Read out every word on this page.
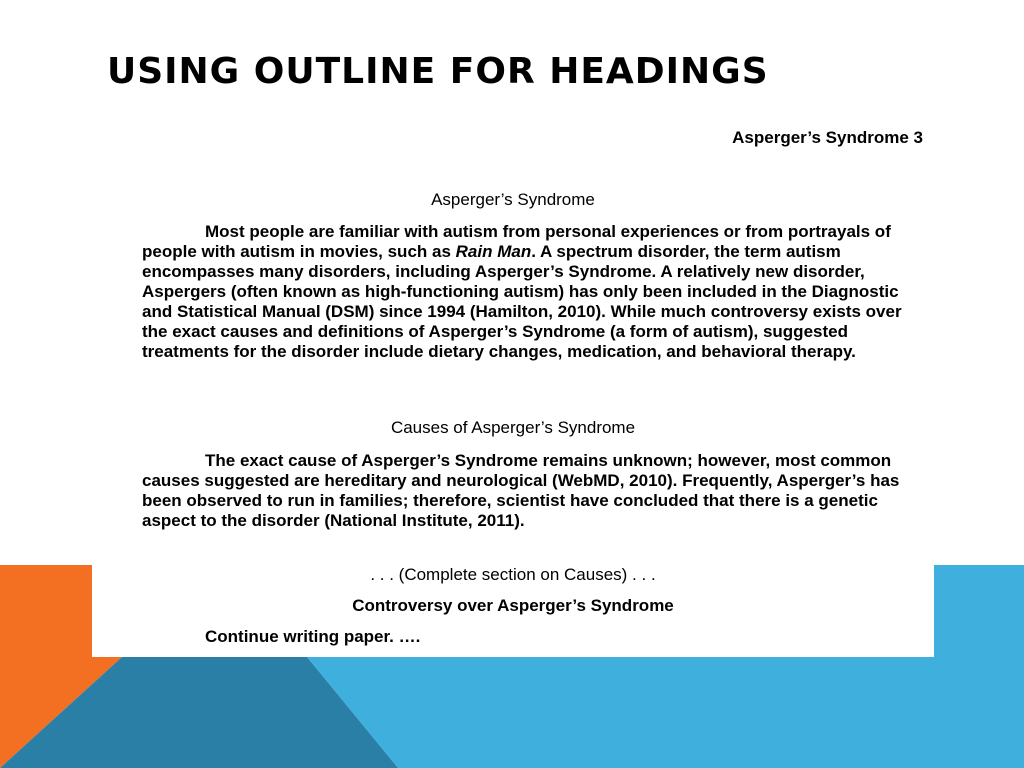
USING OUTLINE FOR HEADINGS
Asperger’s Syndrome 3
Asperger’s Syndrome

Most people are familiar with autism from personal experiences or from portrayals of people with autism in movies, such as Rain Man. A spectrum disorder, the term autism encompasses many disorders, including Asperger’s Syndrome. A relatively new disorder, Aspergers (often known as high-functioning autism) has only been included in the Diagnostic and Statistical Manual (DSM) since 1994 (Hamilton, 2010). While much controversy exists over the exact causes and definitions of Asperger’s Syndrome (a form of autism), suggested treatments for the disorder include dietary changes, medication, and behavioral therapy.

Causes of Asperger’s Syndrome

The exact cause of Asperger’s Syndrome remains unknown; however, most common causes suggested are hereditary and neurological (WebMD, 2010). Frequently, Asperger’s has been observed to run in families; therefore, scientist have concluded that there is a genetic aspect to the disorder (National Institute, 2011).

. . . (Complete section on Causes) . . .
Controversy over Asperger’s Syndrome
Continue writing paper. ….
